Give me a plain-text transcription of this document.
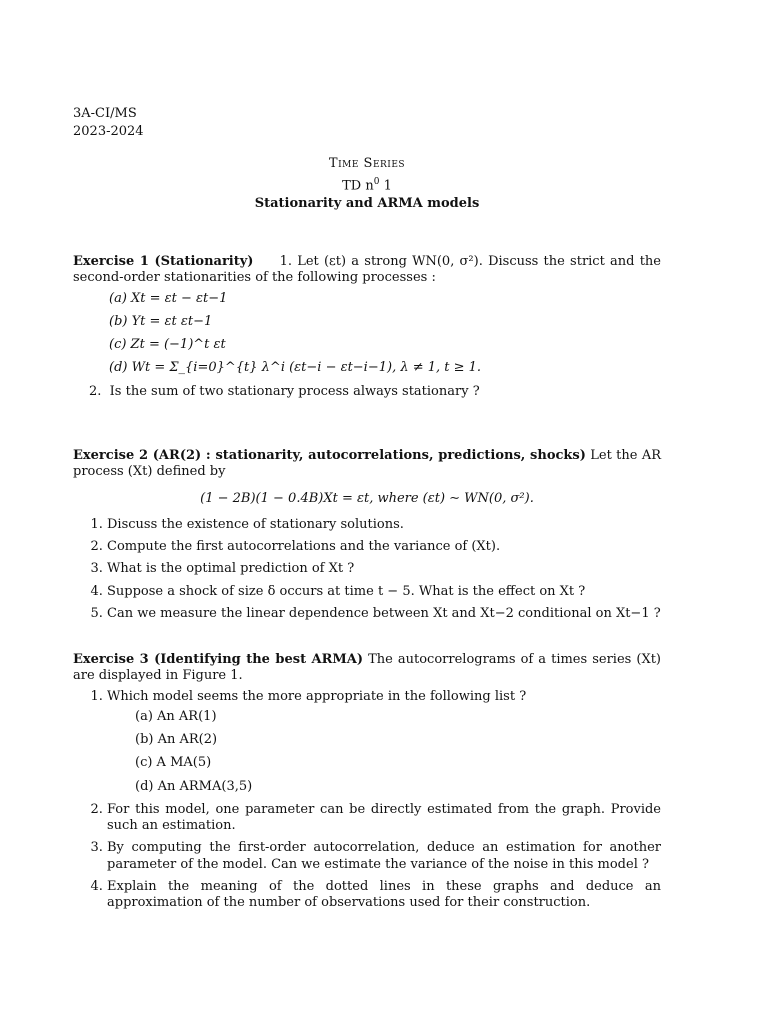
3A-CI/MS
2023-2024
Time Series
TD $n^0$ 1
Stationarity and ARMA models
Exercise 1 (Stationarity) 1. Let (εt) a strong WN(0, σ²). Discuss the strict and the second-order stationarities of the following processes :
(a) Xt = εt − εt−1
(b) Yt = εt εt−1
(c) Zt = (−1)^t εt
(d) Wt = Σ_{i=0}^{t} λ^i (εt−i − εt−i−1), λ ≠ 1, t ≥ 1.
2.  Is the sum of two stationary process always stationary ?
Exercise 2 (AR(2) : stationarity, autocorrelations, predictions, shocks) Let the AR process (Xt) defined by
(1 − 2B)(1 − 0.4B)Xt = εt, where (εt) ∼ WN(0, σ²).
1. Discuss the existence of stationary solutions.
2. Compute the first autocorrelations and the variance of (Xt).
3. What is the optimal prediction of Xt ?
4. Suppose a shock of size δ occurs at time t − 5. What is the effect on Xt ?
5. Can we measure the linear dependence between Xt and Xt−2 conditional on Xt−1 ?
Exercise 3 (Identifying the best ARMA) The autocorrelograms of a times series (Xt) are displayed in Figure 1.
1. Which model seems the more appropriate in the following list ?
(a) An AR(1)
(b) An AR(2)
(c) A MA(5)
(d) An ARMA(3,5)
2. For this model, one parameter can be directly estimated from the graph. Provide such an estimation.
3. By computing the first-order autocorrelation, deduce an estimation for another parameter of the model. Can we estimate the variance of the noise in this model ?
4. Explain the meaning of the dotted lines in these graphs and deduce an approximation of the number of observations used for their construction.
